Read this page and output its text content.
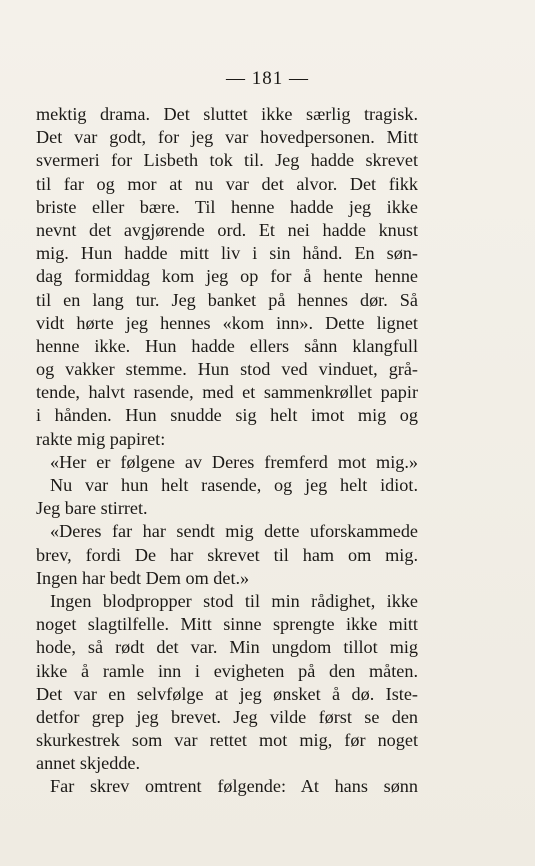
— 181 —
mektig drama. Det sluttet ikke særlig tragisk.
Det var godt, for jeg var hovedpersonen. Mitt
svermeri for Lisbeth tok til. Jeg hadde skrevet
til far og mor at nu var det alvor. Det fikk
briste eller bære. Til henne hadde jeg ikke
nevnt det avgjørende ord. Et nei hadde knust
mig. Hun hadde mitt liv i sin hånd. En søn-
dag formiddag kom jeg op for å hente henne
til en lang tur. Jeg banket på hennes dør. Så
vidt hørte jeg hennes «kom inn». Dette lignet
henne ikke. Hun hadde ellers sånn klangfull
og vakker stemme. Hun stod ved vinduet, grå-
tende, halvt rasende, med et sammenkrøllet papir
i hånden. Hun snudde sig helt imot mig og
rakte mig papiret:
«Her er følgene av Deres fremferd mot mig.»
Nu var hun helt rasende, og jeg helt idiot.
Jeg bare stirret.
«Deres far har sendt mig dette uforskammede
brev, fordi De har skrevet til ham om mig.
Ingen har bedt Dem om det.»
Ingen blodpropper stod til min rådighet, ikke
noget slagtilfelle. Mitt sinne sprengte ikke mitt
hode, så rødt det var. Min ungdom tillot mig
ikke å ramle inn i evigheten på den måten.
Det var en selvfølge at jeg ønsket å dø. Iste-
detfor grep jeg brevet. Jeg vilde først se den
skurkestrek som var rettet mot mig, før noget
annet skjedde.
Far skrev omtrent følgende: At hans sønn
